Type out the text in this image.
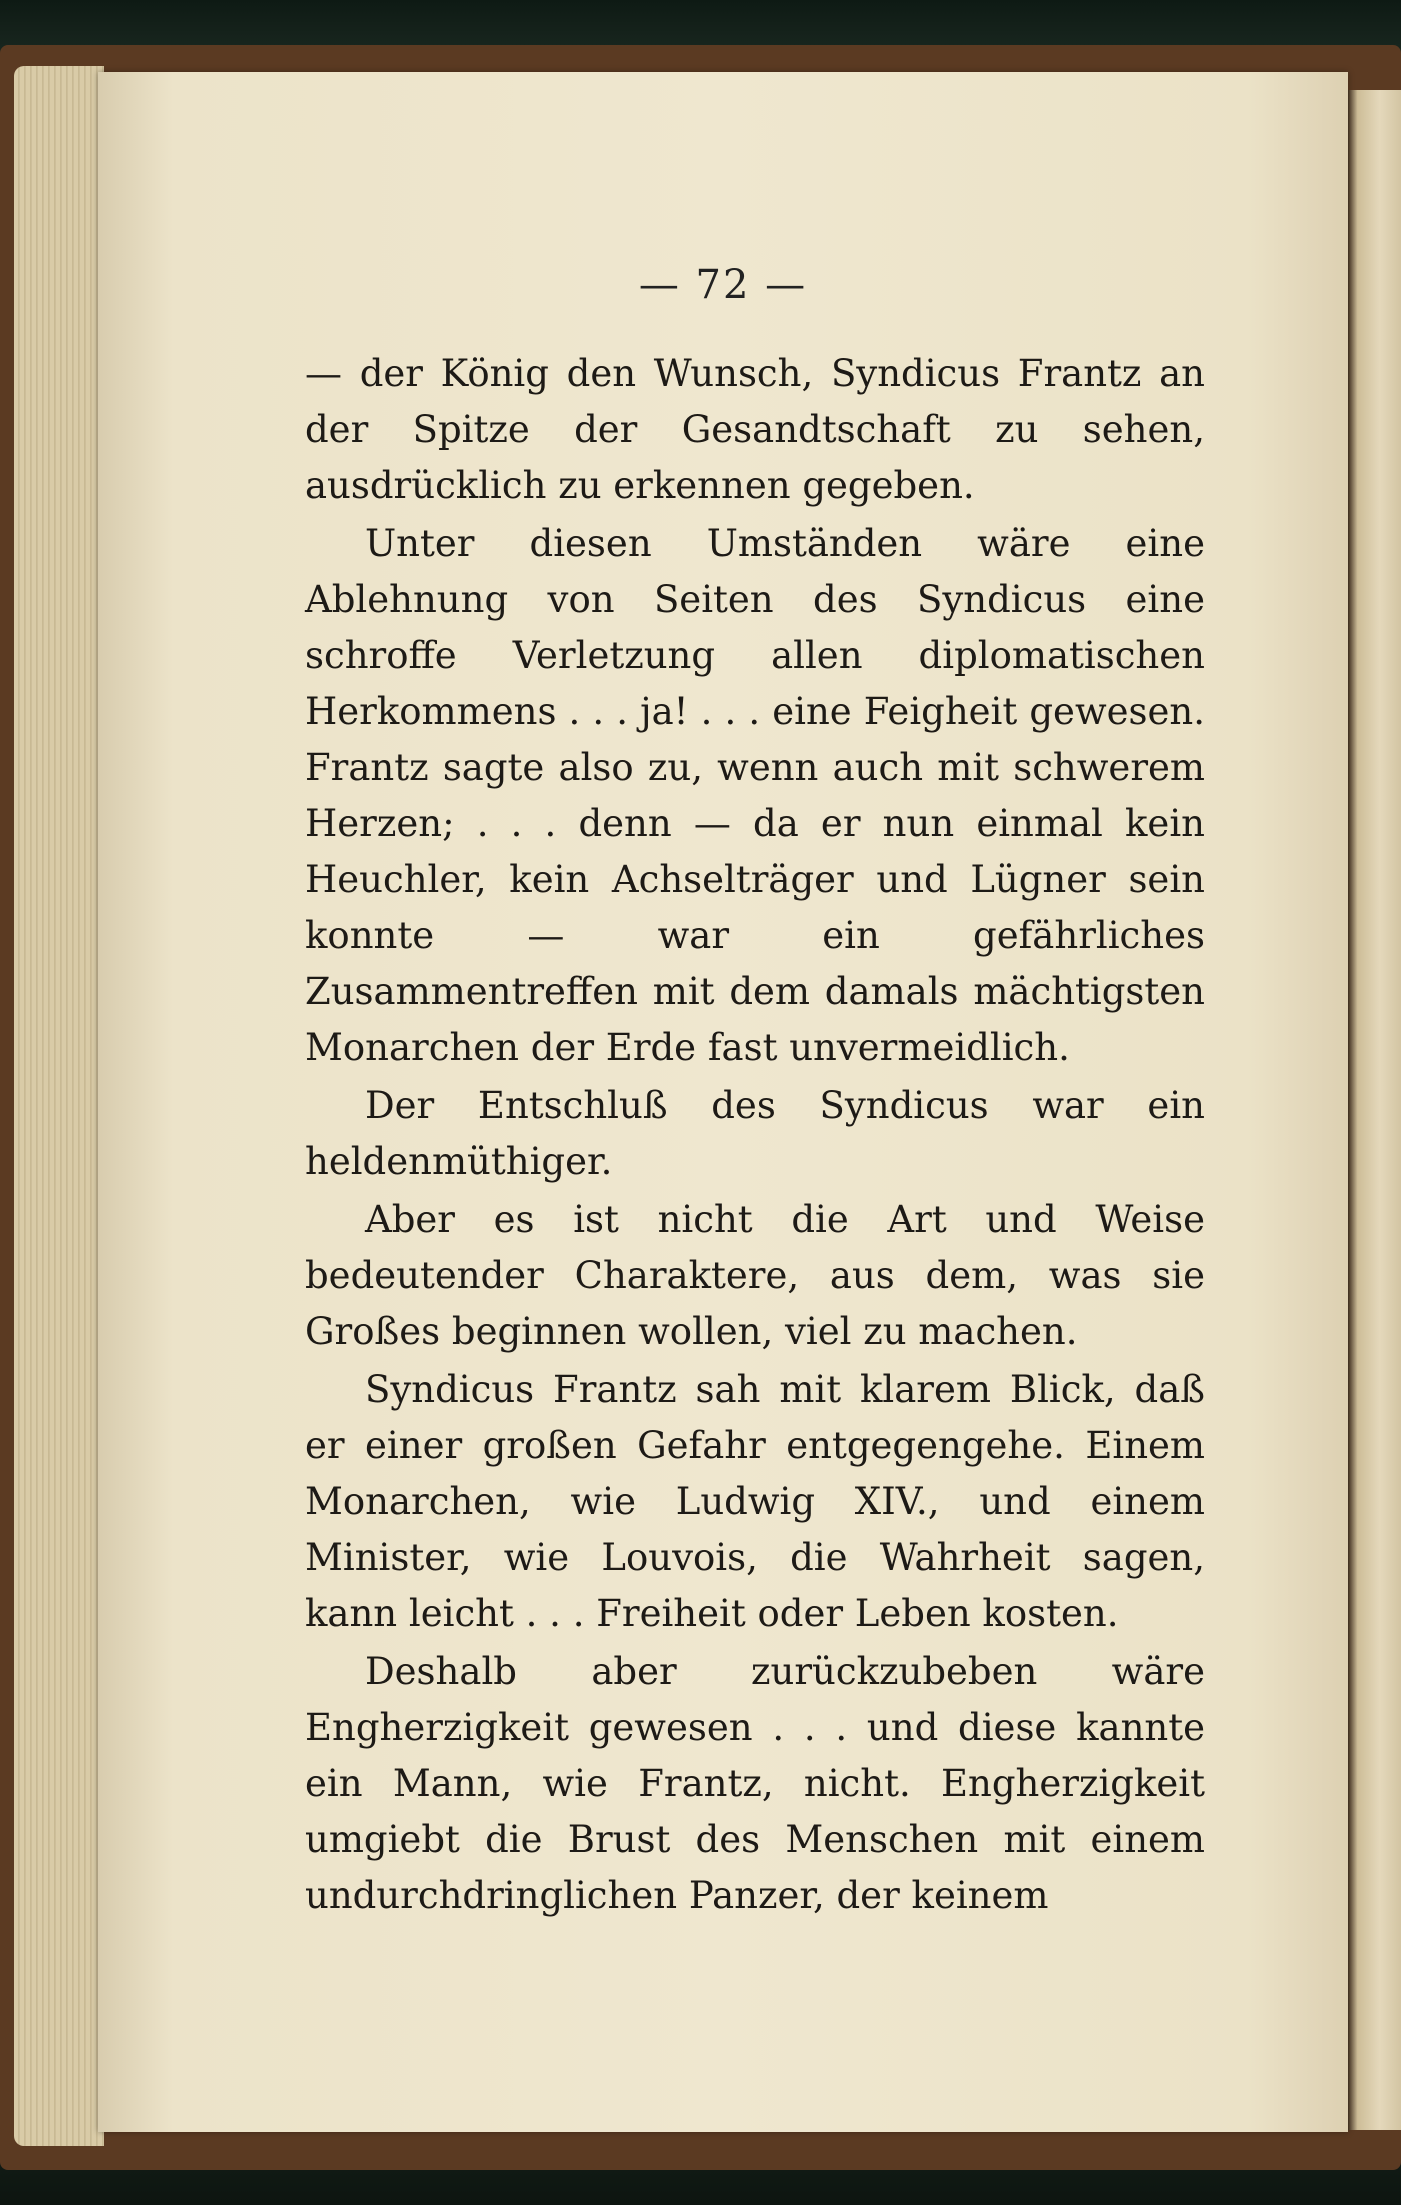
— 72 —

— der König den Wunsch, Syndicus Frantz an der Spitze der Gesandtschaft zu sehen, ausdrücklich zu erkennen gegeben.

Unter diesen Umständen wäre eine Ablehnung von Seiten des Syndicus eine schroffe Verletzung allen diplomatischen Herkommens . . . ja! . . . eine Feigheit gewesen. Frantz sagte also zu, wenn auch mit schwerem Herzen; . . . denn — da er nun einmal kein Heuchler, kein Achselträger und Lügner sein konnte — war ein gefährliches Zusammentreffen mit dem damals mächtigsten Monarchen der Erde fast unvermeidlich.

Der Entschluß des Syndicus war ein heldenmüthiger.

Aber es ist nicht die Art und Weise bedeutender Charaktere, aus dem, was sie Großes beginnen wollen, viel zu machen.

Syndicus Frantz sah mit klarem Blick, daß er einer großen Gefahr entgegengehe. Einem Monarchen, wie Ludwig XIV., und einem Minister, wie Louvois, die Wahrheit sagen, kann leicht . . . Freiheit oder Leben kosten.

Deshalb aber zurückzubeben wäre Engherzigkeit gewesen . . . und diese kannte ein Mann, wie Frantz, nicht. Engherzigkeit umgiebt die Brust des Menschen mit einem undurchdringlichen Panzer, der keinem
